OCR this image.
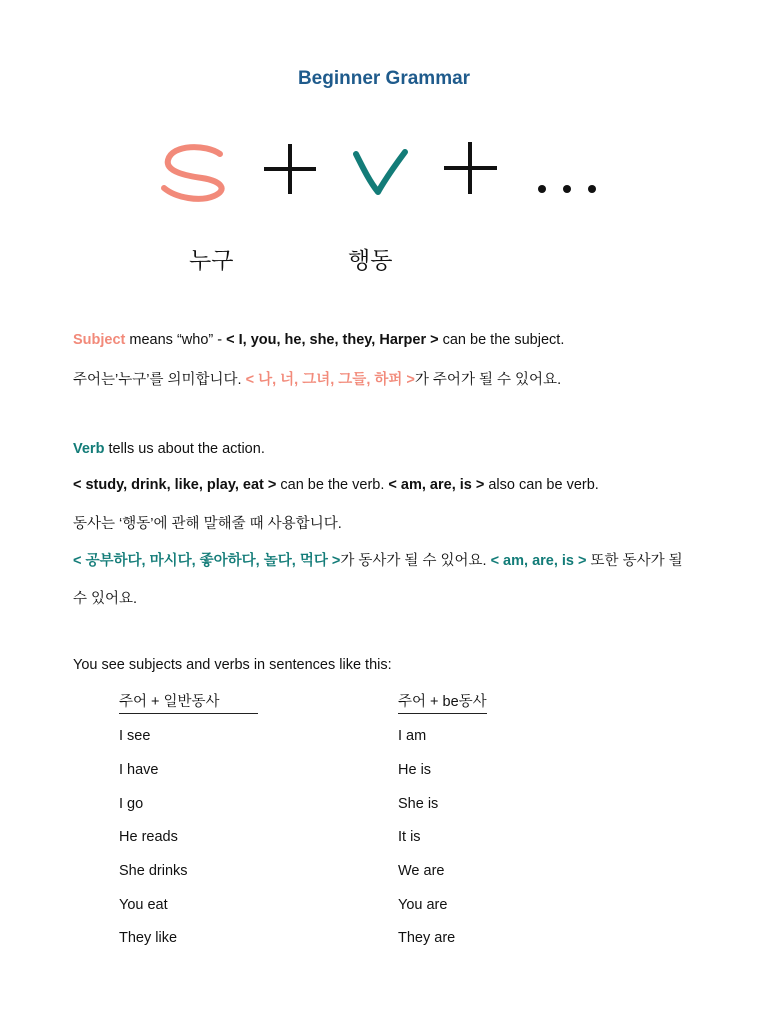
Beginner Grammar
누구	행동
Subject means “who” - < I, you, he, she, they, Harper > can be the subject.
주어는’누구’를 의미합니다. < 나, 너, 그녀, 그들, 하퍼 >가 주어가 될 수 있어요.
Verb tells us about the action.
< study, drink, like, play, eat > can be the verb. < am, are, is > also can be verb.
동사는 ‘행동’에 관해 말해줄 때 사용합니다.
< 공부하다, 마시다, 좋아하다, 놀다, 먹다 >가 동사가 될 수 있어요. < am, are, is > 또한 동사가 될
수 있어요.
You see subjects and verbs in sentences like this:
주어 + 일반동사	주어 + be동사
I see
I have
I go
He reads
She drinks
You eat
They like
I am
He is
She is
It is
We are
You are
They are
